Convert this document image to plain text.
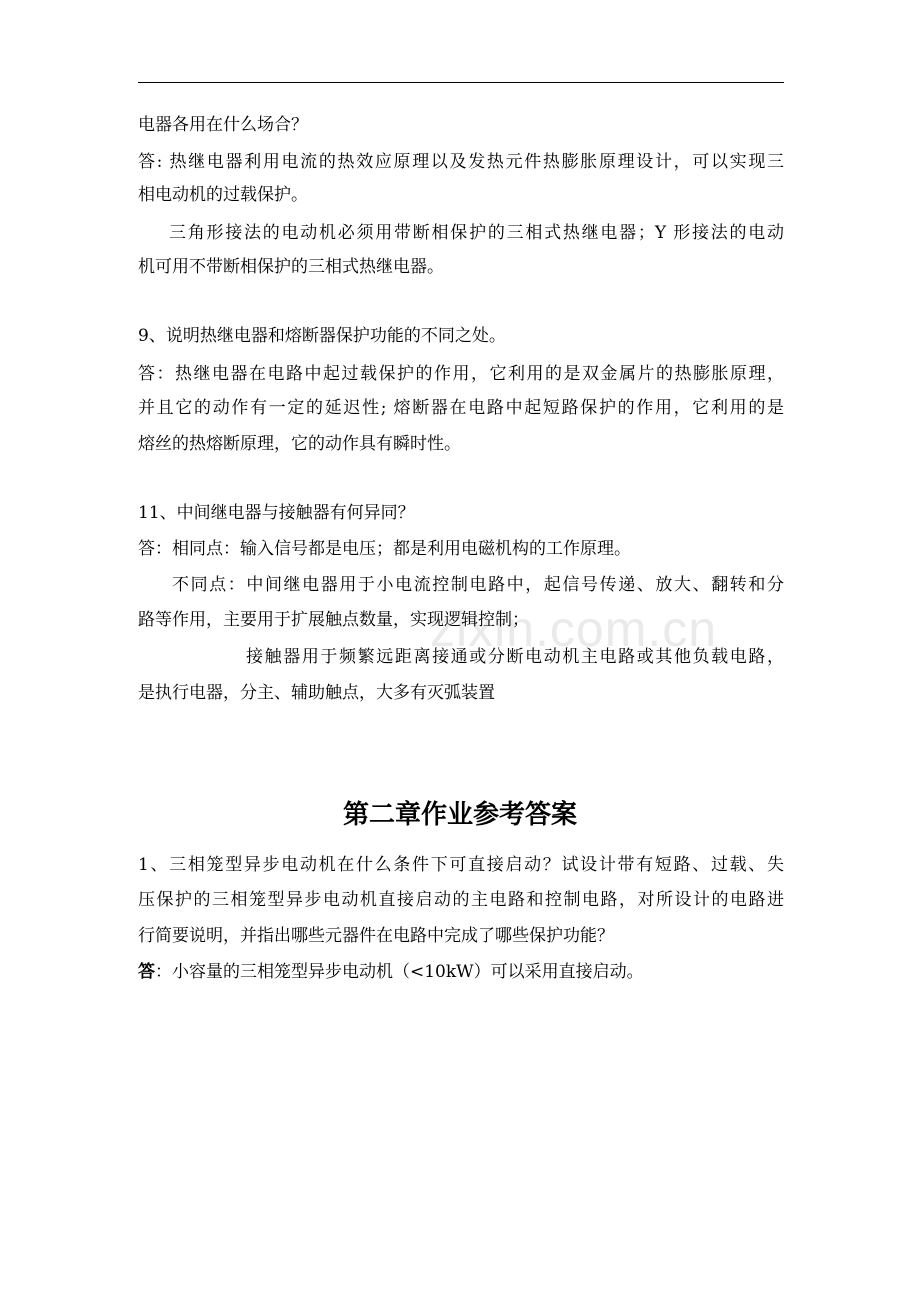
zixin.com.cn
电器各用在什么场合？
答: 热继电器利用电流的热效应原理以及发热元件热膨胀原理设计，可以实现三
相电动机的过载保护。
三角形接法的电动机必须用带断相保护的三相式热继电器；Y 形接法的电动
机可用不带断相保护的三相式热继电器。
9、说明热继电器和熔断器保护功能的不同之处。
答：热继电器在电路中起过载保护的作用，它利用的是双金属片的热膨胀原理，
并且它的动作有一定的延迟性; 熔断器在电路中起短路保护的作用，它利用的是
熔丝的热熔断原理，它的动作具有瞬时性。
11、中间继电器与接触器有何异同？
答：相同点：输入信号都是电压；都是利用电磁机构的工作原理。
不同点：中间继电器用于小电流控制电路中，起信号传递、放大、翻转和分
路等作用，主要用于扩展触点数量，实现逻辑控制；
接触器用于频繁远距离接通或分断电动机主电路或其他负载电路，
是执行电器，分主、辅助触点，大多有灭弧装置
第二章作业参考答案
1、三相笼型异步电动机在什么条件下可直接启动？试设计带有短路、过载、失
压保护的三相笼型异步电动机直接启动的主电路和控制电路，对所设计的电路进
行简要说明，并指出哪些元器件在电路中完成了哪些保护功能？
答：小容量的三相笼型异步电动机（<10kW）可以采用直接启动。
